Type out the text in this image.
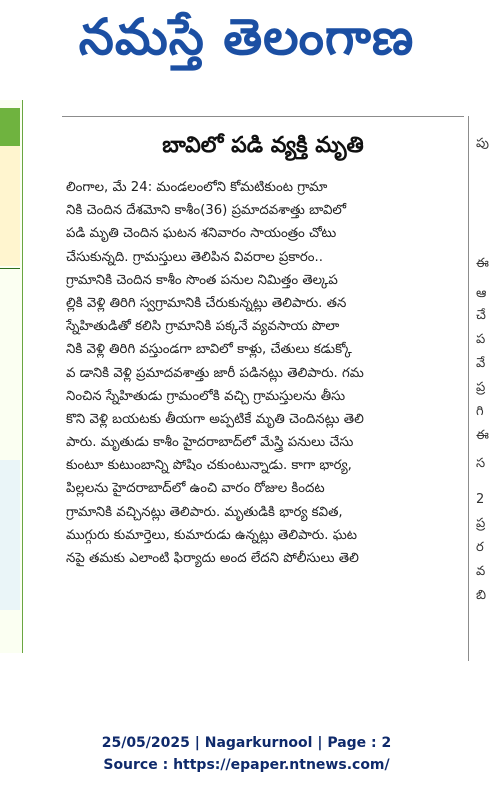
నమస్తే తెలంగాణ
పు
ఈ
ఆ
చే
ప
వే
ప్ర
గి
ఈ
స
2
ప్ర
ర
వ
బి
బావిలో పడి వ్యక్తి మృతి
లింగాల, మే 24: మండలంలోని కోమటికుంట గ్రామా
నికి చెందిన దేశమోని కాశీం(36) ప్రమాదవశాత్తు బావిలో
పడి మృతి చెందిన ఘటన శనివారం సాయంత్రం చోటు
చేసుకున్నది. గ్రామస్తులు తెలిపిన వివరాల ప్రకారం..
గ్రామానికి చెందిన కాశీం సొంత పనుల నిమిత్తం తెల్కప
ల్లికి వెళ్లి తిరిగి స్వగ్రామానికి చేరుకున్నట్లు తెలిపారు. తన
స్నేహితుడితో కలిసి గ్రామానికి పక్కనే వ్యవసాయ పొలా
నికి వెళ్లి తిరిగి వస్తుండగా బావిలో కాళ్లు, చేతులు కడుక్కో
వ డానికి వెళ్లి ప్రమాదవశాత్తు జారీ పడినట్లు తెలిపారు. గమ
నించిన స్నేహితుడు గ్రామంలోకి వచ్చి గ్రామస్తులను తీసు
కొని వెళ్లి బయటకు తీయగా అప్పటికే మృతి చెందినట్లు తెలి
పారు. మృతుడు కాశీం హైదరాబాద్‌లో మేస్త్రి పనులు చేసు
కుంటూ కుటుంబాన్ని పోషిం చకుంటున్నాడు. కాగా భార్య,
పిల్లలను హైదరాబాద్‌లో ఉంచి వారం రోజుల కిందట
గ్రామానికి వచ్చినట్లు తెలిపారు. మృతుడికి భార్య కవిత,
ముగ్గురు కుమార్తెలు, కుమారుడు ఉన్నట్లు తెలిపారు. ఘట
నపై తమకు ఎలాంటి ఫిర్యాదు అంద లేదని పోలీసులు తెలి
25/05/2025 | Nagarkurnool | Page : 2
Source : https://epaper.ntnews.com/
